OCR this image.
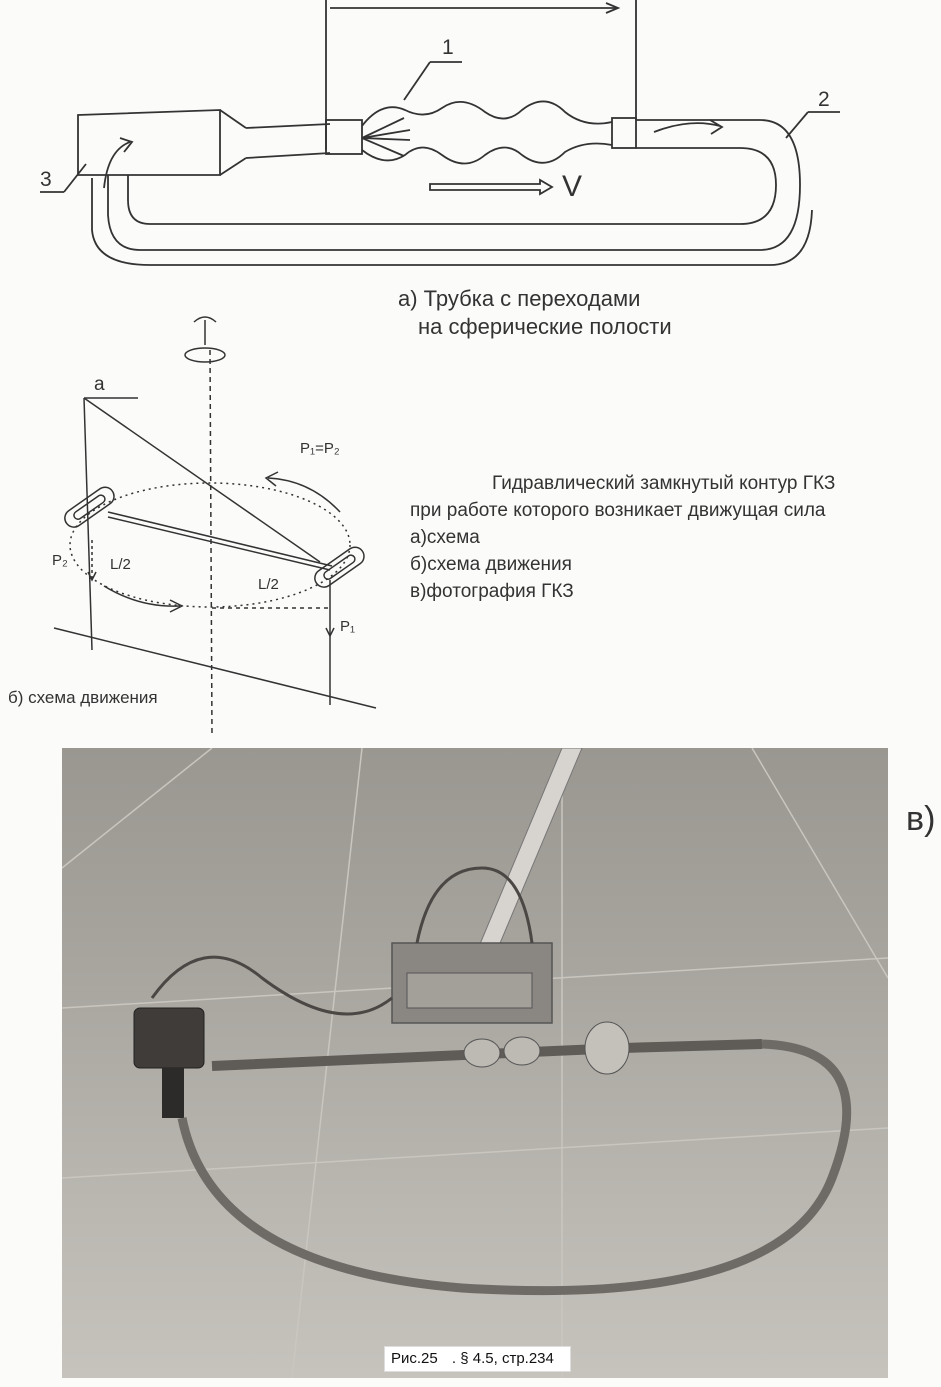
1
2
3	V
а) Трубка с переходами
на сферические полости
а
P₁=P₂
P₂	L/2
L/2
P₁
б) схема движения
Гидравлический замкнутый контур ГКЗ
при работе которого возникает движущая сила
а)схема
б)схема движения
в)фотография ГКЗ
в)
Рис.25 . § 4.5, стр.234
